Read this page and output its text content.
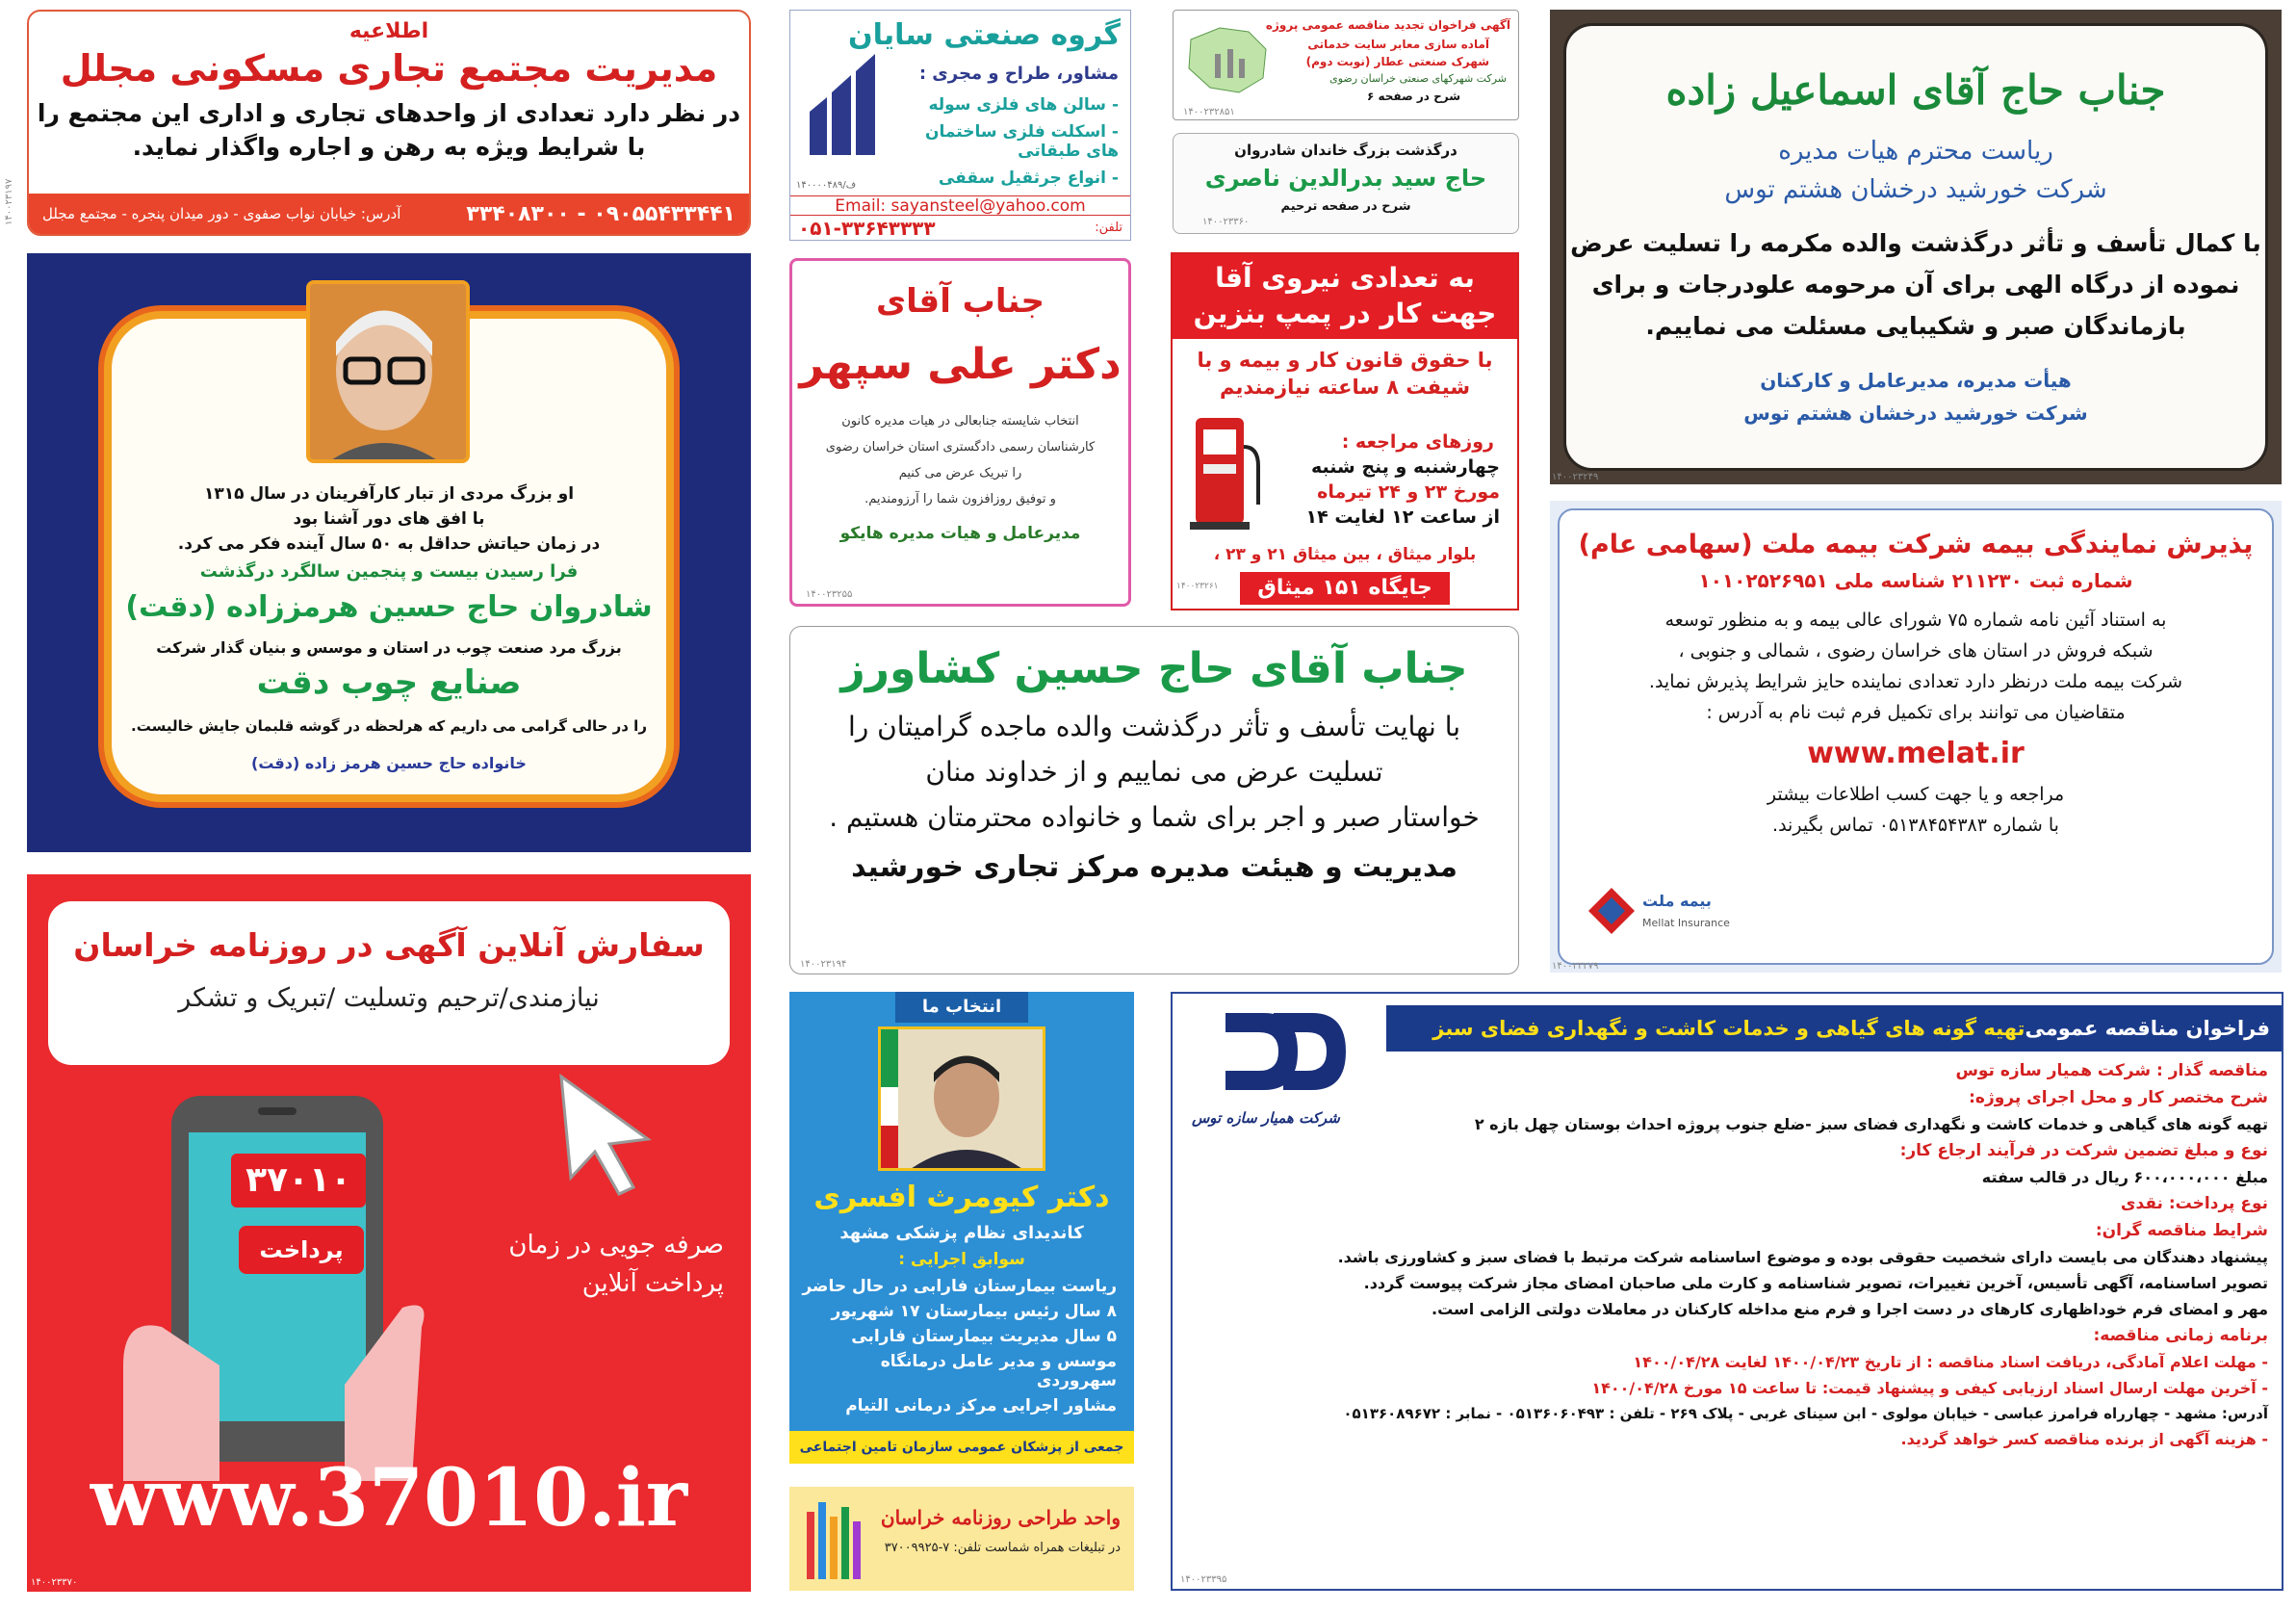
اطلاعیه
مدیریت مجتمع تجاری مسکونی مجلل
در نظر دارد تعدادی از واحدهای تجاری و اداری این مجتمع را
با شرایط ویژه به رهن و اجاره واگذار نماید.
۰۹۰۵۵۴۳۳۴۴۱ - ۳۳۴۰۸۳۰۰
آدرس: خیابان نواب صفوی - دور میدان پنجره - مجتمع مجلل
۱۴۰۰۲۳۱۹۷
گروه صنعتی سایان
مشاور، طراح و مجری :
- سالن های فلزی سوله
- اسکلت فلزی ساختمان های طبقاتی
- انواع جرثقیل سقفی
۱۴۰۰۰۰۴۸۹/ف
Email: sayansteel@yahoo.com
تلفن:
۰۵۱-۳۳۶۴۳۳۳۳
آگهی فراخوان تجدید مناقصه عمومی پروژه
آماده سازی معابر سایت خدماتی
شهرک صنعتی عطار (نوبت دوم)
شرکت شهرکهای صنعتی خراسان رضوی
شرح در صفحه ۶
۱۴۰۰۲۳۲۸۵۱
درگذشت بزرگ خاندان شادروان
حاج سید بدرالدین ناصری
شرح در صفحه ترحیم
۱۴۰۰۲۳۳۶۰
جناب حاج آقای اسماعیل زاده
ریاست محترم هیات مدیره
شرکت خورشید درخشان هشتم توس
با کمال تأسف و تأثر درگذشت والده مکرمه را تسلیت عرض
نموده از درگاه الهی برای آن مرحومه علودرجات و برای
بازماندگان صبر و شکیبایی مسئلت می نماییم.
هیأت مدیره، مدیرعامل و کارکنان
شرکت خورشید درخشان هشتم توس
۱۴۰۰۲۳۲۴۹
او بزرگ مردی از تبار کارآفرینان در سال ۱۳۱۵
با افق های دور آشنا بود
در زمان حیاتش حداقل به ۵۰ سال آینده فکر می کرد.
فرا رسیدن بیست و پنجمین سالگرد درگذشت
شادروان حاج حسین هرمززاده (دقت)
بزرگ مرد صنعت چوب در استان و موسس و بنیان گذار شرکت
صنایع چوب دقت
را در حالی گرامی می داریم که هرلحظه در گوشه قلبمان جایش خالیست.
خانواده حاج حسین هرمز زاده (دقت)
جناب آقای
دکتر علی سپهر
انتخاب شایسته جنابعالی در هیات مدیره کانون
کارشناسان رسمی دادگستری استان خراسان رضوی
را تبریک عرض می کنیم
و توفیق روزافزون شما را آرزومندیم.
مدیرعامل و هیات مدیره هایکو
۱۴۰۰۲۳۲۵۵
به تعدادی نیروی آقا
جهت کار در پمپ بنزین
با حقوق قانون کار و بیمه و با
شیفت ۸ ساعته نیازمندیم
روزهای مراجعه :
چهارشنبه و پنج شنبه
مورخ ۲۳ و ۲۴ تیرماه
از ساعت ۱۲ لغایت ۱۴
بلوار میثاق ، بین میثاق ۲۱ و ۲۳ ،
جایگاه ۱۵۱ میثاق
۱۴۰۰۲۳۲۶۱
پذیرش نمایندگی بیمه شرکت بیمه ملت (سهامی عام)
شماره ثبت ۲۱۱۲۳۰ شناسه ملی ۱۰۱۰۲۵۲۶۹۵۱
به استناد آئین نامه شماره ۷۵ شورای عالی بیمه و به منظور توسعه
شبکه فروش در استان های خراسان رضوی ، شمالی و جنوبی ،
شرکت بیمه ملت درنظر دارد تعدادی نماینده حایز شرایط پذیرش نماید.
متقاضیان می توانند برای تکمیل فرم ثبت نام به آدرس :
www.melat.ir
مراجعه و یا جهت کسب اطلاعات بیشتر
با شماره ۰۵۱۳۸۴۵۴۳۸۳ تماس بگیرند.
بیمه ملت
Mellat Insurance
۱۴۰۰۲۳۲۷۹
جناب آقای حاج حسین کشاورز
با نهایت تأسف و تأثر درگذشت والده ماجده گرامیتان را
تسلیت عرض می نماییم و از خداوند منان
خواستار صبر و اجر برای شما و خانواده محترمتان هستیم .
مدیریت و هیئت مدیره مرکز تجاری خورشید
۱۴۰۰۲۳۱۹۴
سفارش آنلاین آگهی در روزنامه خراسان
نیازمندی/ترحیم وتسلیت /تبریک و تشکر
۳۷۰۱۰
پرداخت	صرفه جویی در زمان
پرداخت آنلاین
www.37010.ir
۱۴۰۰۲۳۳۷۰
انتخاب ما
دکتر کیومرث افسری
کاندیدای نظام پزشکی مشهد
سوابق اجرایی :
ریاست بیمارستان فارابی در حال حاضر
۸ سال رئیس بیمارستان ۱۷ شهریور
۵ سال مدیریت بیمارستان فارابی
موسس و مدیر عامل درمانگاه سهروردی
مشاور اجرایی مرکز درمانی التیام
جمعی از پزشکان عمومی سازمان تامین اجتماعی
واحد طراحی روزنامه خراسان
در تبلیغات همراه شماست تلفن: ۷-۳۷۰۰۹۹۲۵
شرکت همیار سازه توس
فراخوان مناقصه عمومی
تهیه گونه های گیاهی و خدمات کاشت و نگهداری فضای سبز
مناقصه گذار : شرکت همیار سازه توس
شرح مختصر کار و محل اجرای پروژه:
تهیه گونه های گیاهی و خدمات کاشت و نگهداری فضای سبز -ضلع جنوب پروژه احداث بوستان چهل بازه ۲
نوع و مبلغ تضمین شرکت در فرآیند ارجاع کار:
مبلغ ۶۰۰،۰۰۰،۰۰۰ ریال در قالب سفته
نوع پرداخت: نقدی
شرایط مناقصه گران:
پیشنهاد دهندگان می بایست دارای شخصیت حقوقی بوده و موضوع اساسنامه شرکت مرتبط با فضای سبز و کشاورزی باشد.
تصویر اساسنامه، آگهی تأسیس، آخرین تغییرات، تصویر شناسنامه و کارت ملی صاحبان امضای مجاز شرکت پیوست گردد.
مهر و امضای فرم خوداظهاری کارهای در دست اجرا و فرم منع مداخله کارکنان در معاملات دولتی الزامی است.
برنامه زمانی مناقصه:
- مهلت اعلام آمادگی، دریافت اسناد مناقصه : از تاریخ ۱۴۰۰/۰۴/۲۳ لغایت ۱۴۰۰/۰۴/۲۸
- آخرین مهلت ارسال اسناد ارزیابی کیفی و پیشنهاد قیمت: تا ساعت ۱۵ مورخ ۱۴۰۰/۰۴/۲۸
آدرس: مشهد - چهارراه فرامرز عباسی - خیابان مولوی - ابن سینای غربی - پلاک ۲۶۹ - تلفن : ۰۵۱۳۶۰۶۰۴۹۳ - نمابر : ۰۵۱۳۶۰۸۹۶۷۲
- هزینه آگهی از برنده مناقصه کسر خواهد گردید.
۱۴۰۰۲۳۳۹۵
